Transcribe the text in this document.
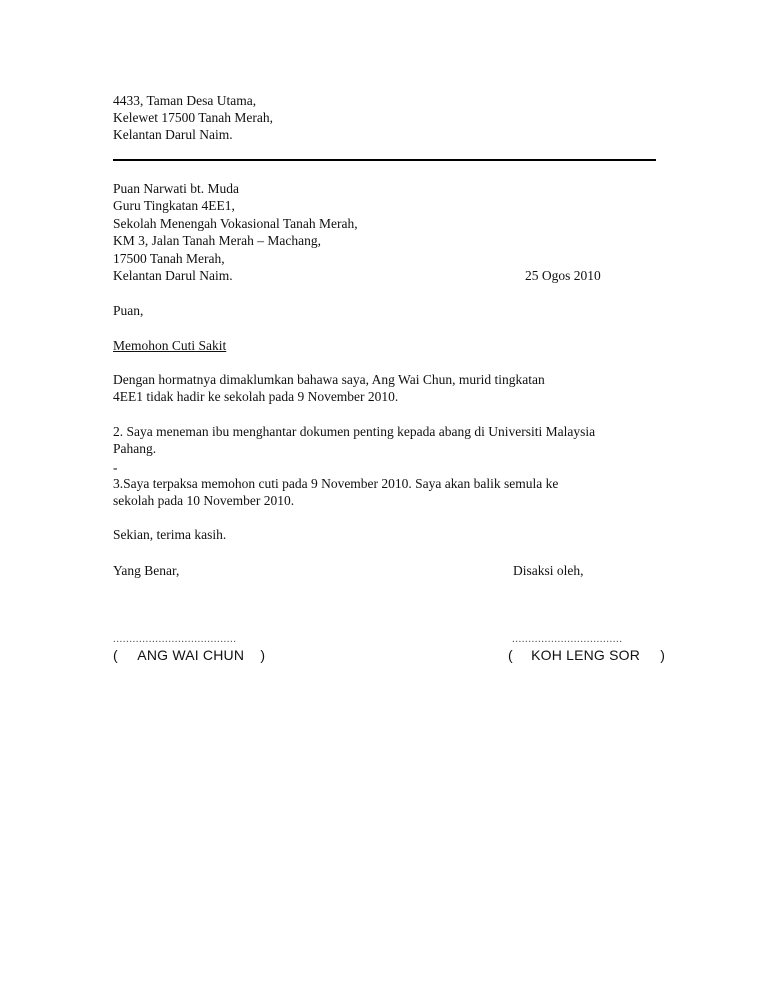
4433, Taman Desa Utama,
Kelewet 17500 Tanah Merah,
Kelantan Darul Naim.
Puan Narwati bt. Muda
Guru Tingkatan 4EE1,
Sekolah Menengah Vokasional Tanah Merah,
KM 3, Jalan Tanah Merah – Machang,
17500 Tanah Merah,
Kelantan Darul Naim.	25 Ogos 2010
Puan,
Memohon Cuti Sakit
Dengan hormatnya dimaklumkan bahawa saya, Ang Wai Chun, murid tingkatan
4EE1 tidak hadir ke sekolah pada 9 November 2010.
2. Saya meneman ibu menghantar dokumen penting kepada abang di Universiti Malaysia
Pahang.
-
3.Saya terpaksa memohon cuti pada 9 November 2010. Saya akan balik semula ke
sekolah pada 10 November 2010.
Sekian, terima kasih.
Yang Benar,	Disaksi oleh,
......................................	..................................
( ANG WAI CHUN )	( KOH LENG SOR )
